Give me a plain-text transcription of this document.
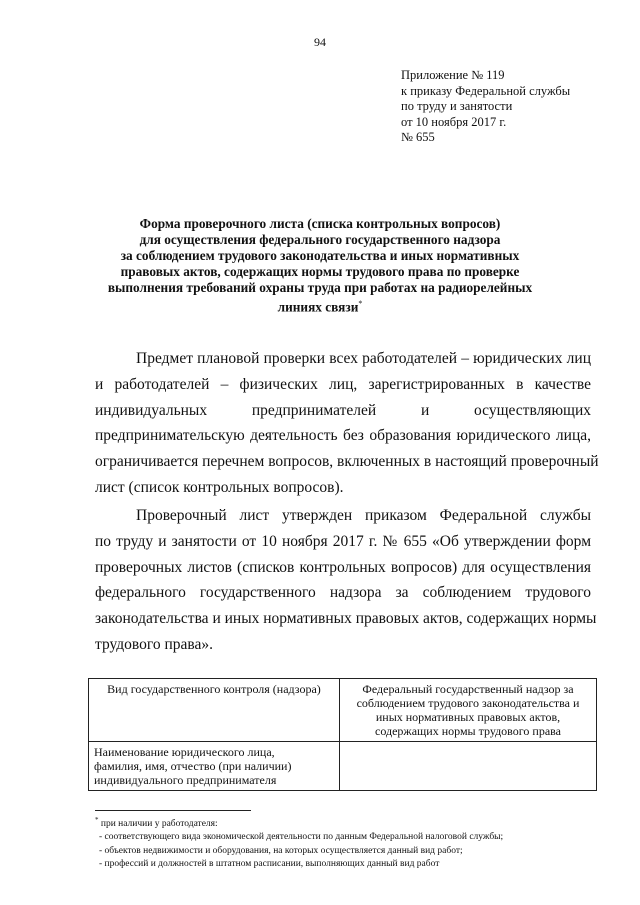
94
Приложение № 119
к приказу Федеральной службы
по труду и занятости
от 10 ноября 2017 г.
№ 655
Форма проверочного листа (списка контрольных вопросов)
для осуществления федерального государственного надзора
за соблюдением трудового законодательства и иных нормативных
правовых актов, содержащих нормы трудового права по проверке
выполнения требований охраны труда при работах на радиорелейных
линиях связи*
Предмет плановой проверки всех работодателей – юридических лиц
и работодателей – физических лиц, зарегистрированных в качестве
индивидуальных предпринимателей и осуществляющих
предпринимательскую деятельность без образования юридического лица,
ограничивается перечнем вопросов, включенных в настоящий проверочный
лист (список контрольных вопросов).
Проверочный лист утвержден приказом Федеральной службы
по труду и занятости от 10 ноября 2017 г. № 655 «Об утверждении форм
проверочных листов (списков контрольных вопросов) для осуществления
федерального государственного надзора за соблюдением трудового
законодательства и иных нормативных правовых актов, содержащих нормы
трудового права».
Вид государственного контроля (надзора)	Федеральный государственный надзор за
соблюдением трудового законодательства и
иных нормативных правовых актов,
содержащих нормы трудового права

Наименование юридического лица,
фамилия, имя, отчество (при наличии)
индивидуального предпринимателя	

* при наличии у работодателя:
- соответствующего вида экономической деятельности по данным Федеральной налоговой службы;
- объектов недвижимости и оборудования, на которых осуществляется данный вид работ;
- профессий и должностей в штатном расписании, выполняющих данный вид работ
